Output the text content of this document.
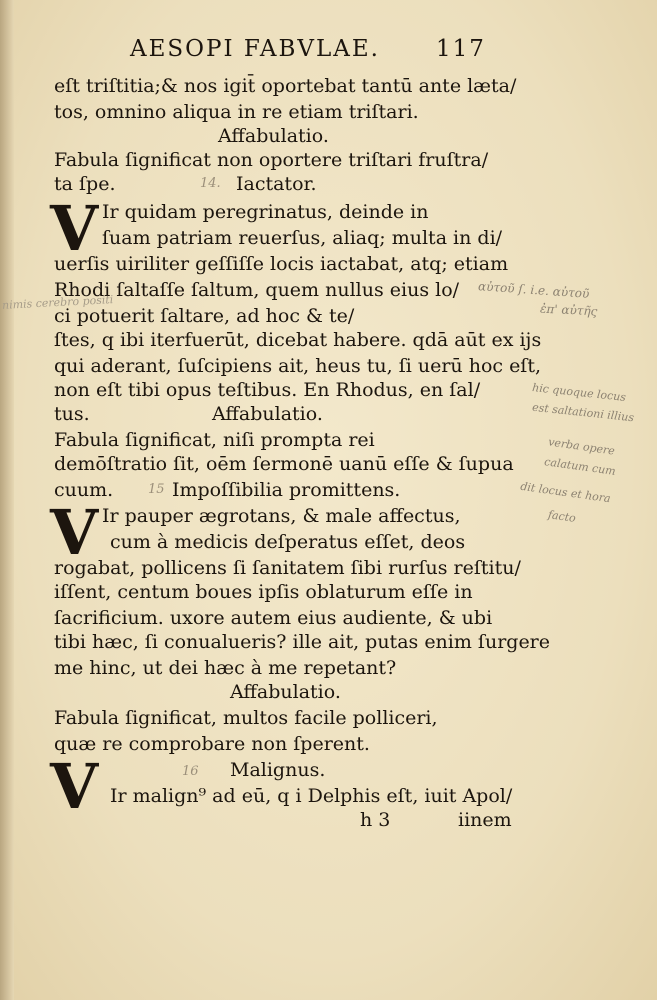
AESOPI FABVLAE. 117
eſt triſtitia;& nos igit̄ oportebat tantū ante læta/
tos, omnino aliqua in re etiam triſtari.
Affabulatio.
Fabula ſignificat non oportere triſtari fruſtra/
ta ſpe.	14. Iactator.
V Ir quidam peregrinatus, deinde in
ſuam patriam reuerſus, aliaq; multa in di/
uerſis uiriliter geſſiſſe locis iactabat, atq; etiam
Rhodi ſaltaſſe ſaltum, quem nullus eius lo/
ci potuerit ſaltare, ad hoc & te/
ſtes, q ibi iterfuerūt, dicebat habere. qdā aūt ex ijs
qui aderant, ſuſcipiens ait, heus tu, ſi uerū hoc eſt,
non eſt tibi opus teſtibus. En Rhodus, en ſal/
tus.	Affabulatio.
Fabula ſignificat, niſi prompta rei
demōſtratio ſit, oēm ſermonē uanū eſſe & ſupua
cuum.	15 Impoſſibilia promittens.
V Ir pauper ægrotans, & male affectus,
cum à medicis deſperatus eſſet, deos
rogabat, pollicens ſi ſanitatem ſibi rurſus reſtitu/
iſſent, centum boues ipſis oblaturum eſſe in
ſacrificium. uxore autem eius audiente, & ubi
tibi hæc, ſi conualueris? ille ait, putas enim ſurgere
me hinc, ut dei hæc à me repetant?
Affabulatio.
Fabula ſignificat, multos facile polliceri,
quæ re comprobare non ſperent.
V	16 Malignus.
Ir malign⁹ ad eū, q i Delphis eſt, iuit Apol/
h 3	iinem
αὐτοῦ ſ. i.e. αὐτοῦ
ἐπ' αὐτῆς
hic quoque locus
est saltationi illius
verba opere
calatum cum
dit locus et hora
facto
nimis cerebro positi
